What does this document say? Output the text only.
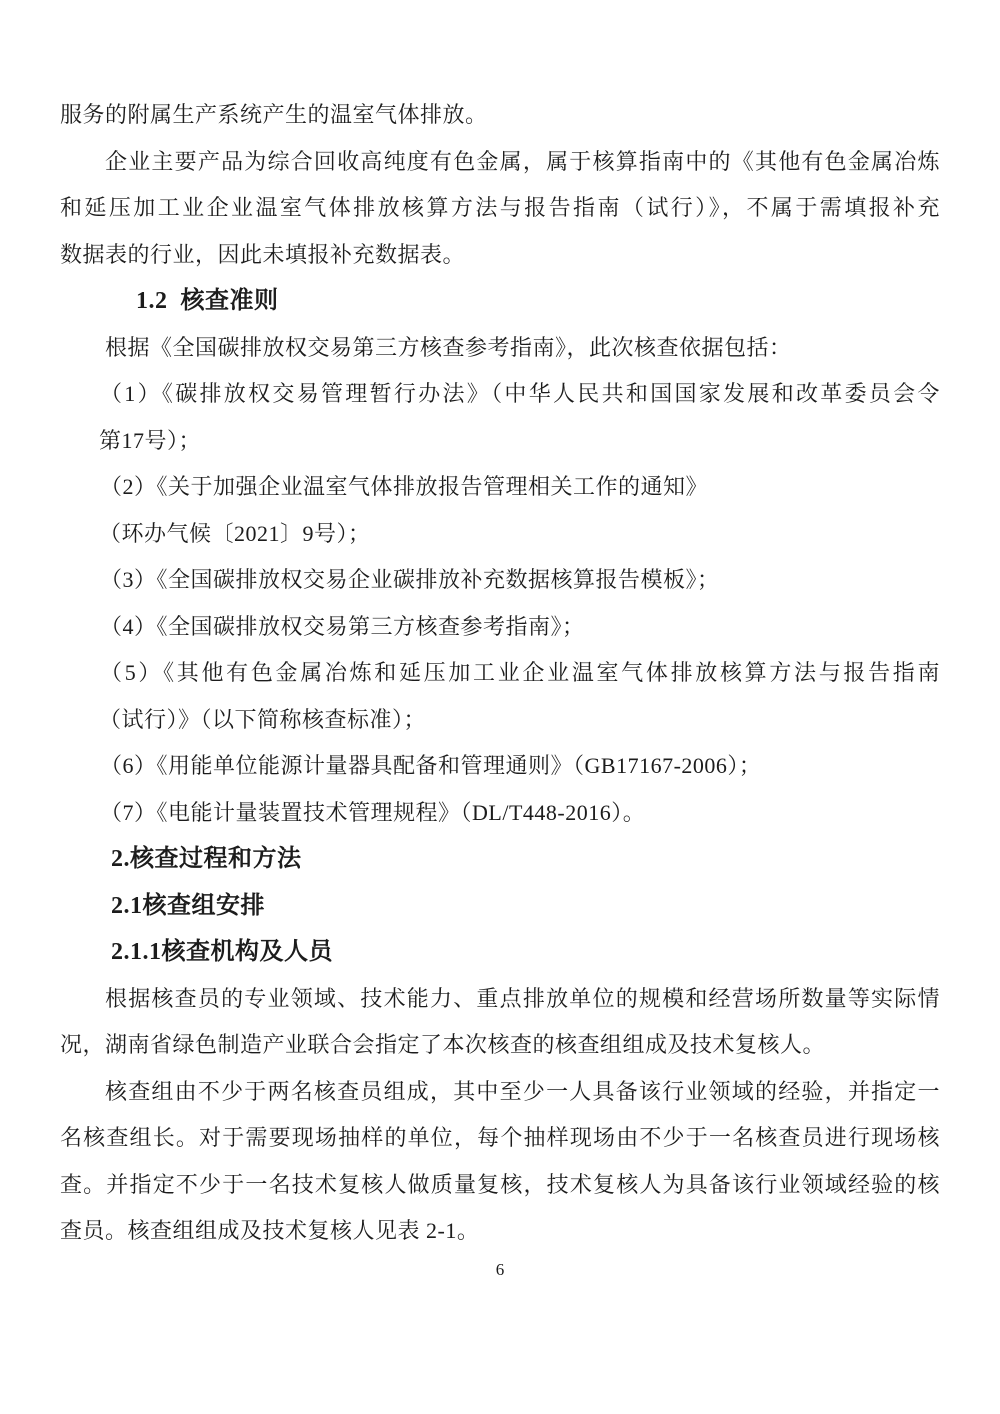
服务的附属生产系统产生的温室气体排放。
企业主要产品为综合回收高纯度有色金属，属于核算指南中的《其他有色金属冶炼
和延压加工业企业温室气体排放核算方法与报告指南（试行）》，不属于需填报补充
数据表的行业，因此未填报补充数据表。
1.2  核查准则
根据《全国碳排放权交易第三方核查参考指南》，此次核查依据包括：
（1）《碳排放权交易管理暂行办法》（中华人民共和国国家发展和改革委员会令
第17号）；
（2）《关于加强企业温室气体排放报告管理相关工作的通知》
（环办气候〔2021〕9号）；
（3）《全国碳排放权交易企业碳排放补充数据核算报告模板》；
（4）《全国碳排放权交易第三方核查参考指南》；
（5）《其他有色金属冶炼和延压加工业企业温室气体排放核算方法与报告指南
（试行）》（以下简称核查标准）；
（6）《用能单位能源计量器具配备和管理通则》（GB17167-2006）；
（7）《电能计量装置技术管理规程》（DL/T448-2016）。
2.核查过程和方法
2.1核查组安排
2.1.1核查机构及人员
根据核查员的专业领域、技术能力、重点排放单位的规模和经营场所数量等实际情
况，湖南省绿色制造产业联合会指定了本次核查的核查组组成及技术复核人。
核查组由不少于两名核查员组成，其中至少一人具备该行业领域的经验，并指定一
名核查组长。对于需要现场抽样的单位，每个抽样现场由不少于一名核查员进行现场核
查。并指定不少于一名技术复核人做质量复核，技术复核人为具备该行业领域经验的核
查员。核查组组成及技术复核人见表 2-1。
6
